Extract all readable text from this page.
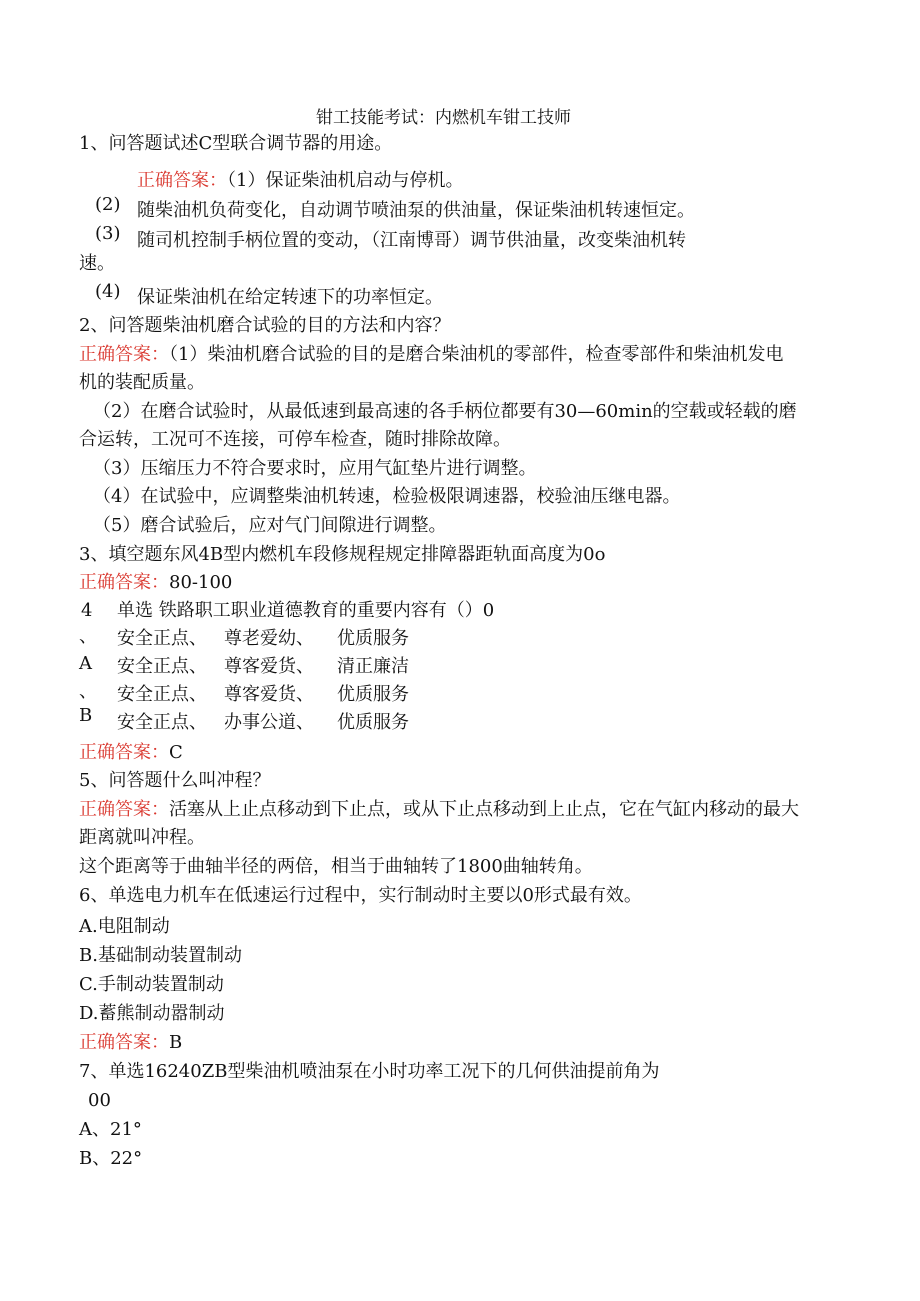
钳工技能考试：内燃机车钳工技师
1、问答题试述C型联合调节器的用途。
正确答案：（1）保证柴油机启动与停机。
(2) 随柴油机负荷变化，自动调节喷油泵的供油量，保证柴油机转速恒定。
(3) 随司机控制手柄位置的变动，（江南博哥）调节供油量，改变柴油机转
速。
(4) 保证柴油机在给定转速下的功率恒定。
2、问答题柴油机磨合试验的目的方法和内容？
正确答案：（1）柴油机磨合试验的目的是磨合柴油机的零部件，检查零部件和柴油机发电
机的装配质量。
（2）在磨合试验时，从最低速到最高速的各手柄位都要有30—60min的空载或轻载的磨
合运转，工况可不连接，可停车检查，随时排除故障。
（3）压缩压力不符合要求时，应用气缸垫片进行调整。
（4）在试验中，应调整柴油机转速，检验极限调速器，校验油压继电器。
（5）磨合试验后，应对气门间隙进行调整。
3、填空题东风4B型内燃机车段修规程规定排障器距轨面高度为0o
正确答案：80-100
4 单选 铁路职工职业道德教育的重要内容有（）0
、
A
、
B
安全正点、 尊老爱幼、 优质服务
安全正点、 尊客爱货、 清正廉洁
安全正点、 尊客爱货、 优质服务
安全正点、 办事公道、 优质服务
正确答案：C
5、问答题什么叫冲程？
正确答案：活塞从上止点移动到下止点，或从下止点移动到上止点，它在气缸内移动的最大
距离就叫冲程。
这个距离等于曲轴半径的两倍，相当于曲轴转了1800曲轴转角。
6、单选电力机车在低速运行过程中，实行制动时主要以0形式最有效。
A.电阻制动
B.基础制动装置制动
C.手制动装置制动
D.蓄熊制动嚣制动
正确答案：B
7、单选16240ZB型柴油机喷油泵在小时功率工况下的几何供油提前角为
00
A、21°
B、22°
